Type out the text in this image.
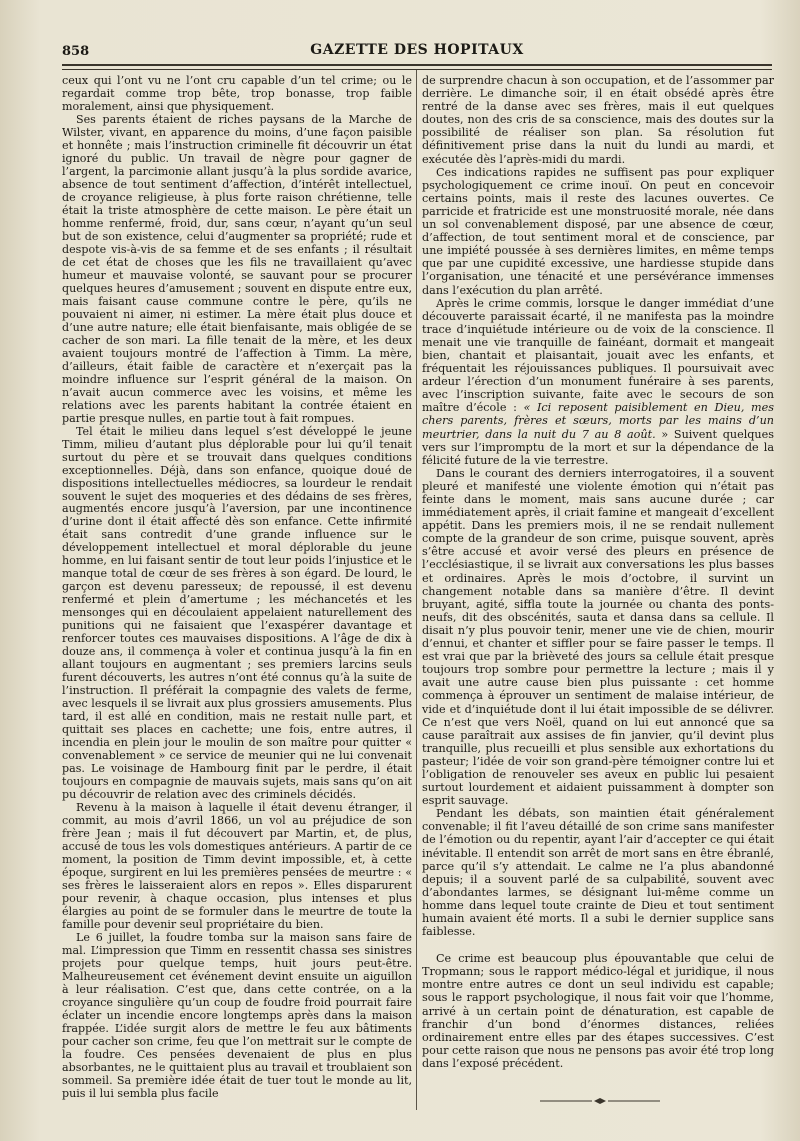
858	GAZETTE DES HOPITAUX

ceux qui l’ont vu ne l’ont cru capable d’un tel crime; ou le regardait comme trop bête, trop bonasse, trop faible moralement, ainsi que physiquement.

Ses parents étaient de riches paysans de la Marche de Wilster, vivant, en apparence du moins, d’une façon paisible et honnête ; mais l’instruction criminelle fit découvrir un état ignoré du public. Un travail de nègre pour gagner de l’argent, la parcimonie allant jusqu’à la plus sordide avarice, absence de tout sentiment d’affection, d’intérêt intellectuel, de croyance religieuse, à plus forte raison chrétienne, telle était la triste atmosphère de cette maison. Le père était un homme renfermé, froid, dur, sans cœur, n’ayant qu’un seul but de son existence, celui d’augmenter sa propriété; rude et despote vis-à-vis de sa femme et de ses enfants ; il résultait de cet état de choses que les fils ne travaillaient qu’avec humeur et mauvaise volonté, se sauvant pour se procurer quelques heures d’amusement ; souvent en dispute entre eux, mais faisant cause commune contre le père, qu’ils ne pouvaient ni aimer, ni estimer. La mère était plus douce et d’une autre nature; elle était bienfaisante, mais obligée de se cacher de son mari. La fille tenait de la mère, et les deux avaient toujours montré de l’affection à Timm. La mère, d’ailleurs, était faible de caractère et n’exerçait pas la moindre influence sur l’esprit général de la maison. On n’avait aucun commerce avec les voisins, et même les relations avec les parents habitant la contrée étaient en partie presque nulles, en partie tout à fait rompues.

Tel était le milieu dans lequel s’est développé le jeune Timm, milieu d’autant plus déplorable pour lui qu’il tenait surtout du père et se trouvait dans quelques conditions exceptionnelles. Déjà, dans son enfance, quoique doué de dispositions intellectuelles médiocres, sa lourdeur le rendait souvent le sujet des moqueries et des dédains de ses frères, augmentés encore jusqu’à l’aversion, par une incontinence d’urine dont il était affecté dès son enfance. Cette infirmité était sans contredit d’une grande influence sur le développement intellectuel et moral déplorable du jeune homme, en lui faisant sentir de tout leur poids l’injustice et le manque total de cœur de ses frères à son égard. De lourd, le garçon est devenu paresseux; de repoussé, il est devenu renfermé et plein d’amertume ; les méchancetés et les mensonges qui en découlaient appelaient naturellement des punitions qui ne faisaient que l’exaspérer davantage et renforcer toutes ces mauvaises dispositions. A l’âge de dix à douze ans, il commença à voler et continua jusqu’à la fin en allant toujours en augmentant ; ses premiers larcins seuls furent découverts, les autres n’ont été connus qu’à la suite de l’instruction. Il préférait la compagnie des valets de ferme, avec lesquels il se livrait aux plus grossiers amusements. Plus tard, il est allé en condition, mais ne restait nulle part, et quittait ses places en cachette; une fois, entre autres, il incendia en plein jour le moulin de son maître pour quitter « convenablement » ce service de meunier qui ne lui convenait pas. Le voisinage de Hambourg finit par le perdre, il était toujours en compagnie de mauvais sujets, mais sans qu’on ait pu découvrir de relation avec des criminels décidés.

Revenu à la maison à laquelle il était devenu étranger, il commit, au mois d’avril 1866, un vol au préjudice de son frère Jean ; mais il fut découvert par Martin, et, de plus, accusé de tous les vols domestiques antérieurs. A partir de ce moment, la position de Timm devint impossible, et, à cette époque, surgirent en lui les premières pensées de meurtre : « ses frères le laisseraient alors en repos ». Elles disparurent pour revenir, à chaque occasion, plus intenses et plus élargies au point de se formuler dans le meurtre de toute la famille pour devenir seul propriétaire du bien.

Le 6 juillet, la foudre tomba sur la maison sans faire de mal. L’impression que Timm en ressentit chassa ses sinistres projets pour quelque temps, huit jours peut-être. Malheureusement cet événement devint ensuite un aiguillon à leur réalisation. C’est que, dans cette contrée, on a la croyance singulière qu’un coup de foudre froid pourrait faire éclater un incendie encore longtemps après dans la maison frappée. L’idée surgit alors de mettre le feu aux bâtiments pour cacher son crime, feu que l’on mettrait sur le compte de la foudre. Ces pensées devenaient de plus en plus absorbantes, ne le quittaient plus au travail et troublaient son sommeil. Sa première idée était de tuer tout le monde au lit, puis il lui sembla plus facile

de surprendre chacun à son occupation, et de l’assommer par derrière. Le dimanche soir, il en était obsédé après être rentré de la danse avec ses frères, mais il eut quelques doutes, non des cris de sa conscience, mais des doutes sur la possibilité de réaliser son plan. Sa résolution fut définitivement prise dans la nuit du lundi au mardi, et exécutée dès l’après-midi du mardi.

Ces indications rapides ne suffisent pas pour expliquer psychologiquement ce crime inouï. On peut en concevoir certains points, mais il reste des lacunes ouvertes. Ce parricide et fratricide est une monstruosité morale, née dans un sol convenablement disposé, par une absence de cœur, d’affection, de tout sentiment moral et de conscience, par une impiété poussée à ses dernières limites, en même temps que par une cupidité excessive, une hardiesse stupide dans l’organisation, une ténacité et une persévérance immenses dans l’exécution du plan arrêté.

Après le crime commis, lorsque le danger immédiat d’une découverte paraissait écarté, il ne manifesta pas la moindre trace d’inquiétude intérieure ou de voix de la conscience. Il menait une vie tranquille de fainéant, dormait et mangeait bien, chantait et plaisantait, jouait avec les enfants, et fréquentait les réjouissances publiques. Il poursuivait avec ardeur l’érection d’un monument funéraire à ses parents, avec l’inscription suivante, faite avec le secours de son maître d’école : « Ici reposent paisiblement en Dieu, mes chers parents, frères et sœurs, morts par les mains d’un meurtrier, dans la nuit du 7 au 8 août. » Suivent quelques vers sur l’impromptu de la mort et sur la dépendance de la félicité future de la vie terrestre.

Dans le courant des derniers interrogatoires, il a souvent pleuré et manifesté une violente émotion qui n’était pas feinte dans le moment, mais sans aucune durée ; car immédiatement après, il criait famine et mangeait d’excellent appétit. Dans les premiers mois, il ne se rendait nullement compte de la grandeur de son crime, puisque souvent, après s’être accusé et avoir versé des pleurs en présence de l’ecclésiastique, il se livrait aux conversations les plus basses et ordinaires. Après le mois d’octobre, il survint un changement notable dans sa manière d’être. Il devint bruyant, agité, siffla toute la journée ou chanta des ponts-neufs, dit des obscénités, sauta et dansa dans sa cellule. Il disait n’y plus pouvoir tenir, mener une vie de chien, mourir d’ennui, et chanter et siffler pour se faire passer le temps. Il est vrai que par la brièveté des jours sa cellule était presque toujours trop sombre pour permettre la lecture ; mais il y avait une autre cause bien plus puissante : cet homme commença à éprouver un sentiment de malaise intérieur, de vide et d’inquiétude dont il lui était impossible de se délivrer. Ce n’est que vers Noël, quand on lui eut annoncé que sa cause paraîtrait aux assises de fin janvier, qu’il devint plus tranquille, plus recueilli et plus sensible aux exhortations du pasteur; l’idée de voir son grand-père témoigner contre lui et l’obligation de renouveler ses aveux en public lui pesaient surtout lourdement et aidaient puissamment à dompter son esprit sauvage.

Pendant les débats, son maintien était généralement convenable; il fit l’aveu détaillé de son crime sans manifester de l’émotion ou du repentir, ayant l’air d’accepter ce qui était inévitable. Il entendit son arrêt de mort sans en être ébranlé, parce qu’il s’y attendait. Le calme ne l’a plus abandonné depuis; il a souvent parlé de sa culpabilité, souvent avec d’abondantes larmes, se désignant lui-même comme un homme dans lequel toute crainte de Dieu et tout sentiment humain avaient été morts. Il a subi le dernier supplice sans faiblesse.

Ce crime est beaucoup plus épouvantable que celui de Tropmann; sous le rapport médico-légal et juridique, il nous montre entre autres ce dont un seul individu est capable; sous le rapport psychologique, il nous fait voir que l’homme, arrivé à un certain point de dénaturation, est capable de franchir d’un bond d’énormes distances, reliées ordinairement entre elles par des étapes successives. C’est pour cette raison que nous ne pensons pas avoir été trop long dans l’exposé précédent.
